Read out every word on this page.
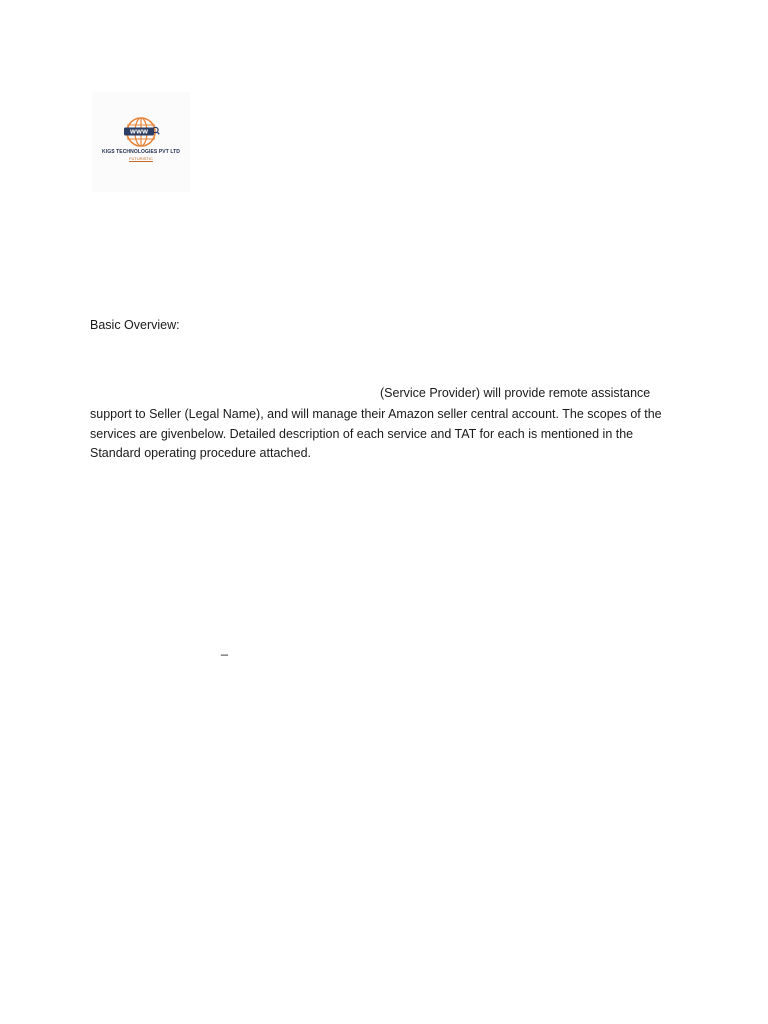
WWW
KIGS TECHNOLOGIES PVT LTD
FUTURISTIC
Basic Overview:
(Service Provider) will provide remote assistance
support to Seller (Legal Name), and will manage their Amazon seller central account. The scopes of the
services are givenbelow. Detailed description of each service and TAT for each is mentioned in the
Standard operating procedure attached.
_
